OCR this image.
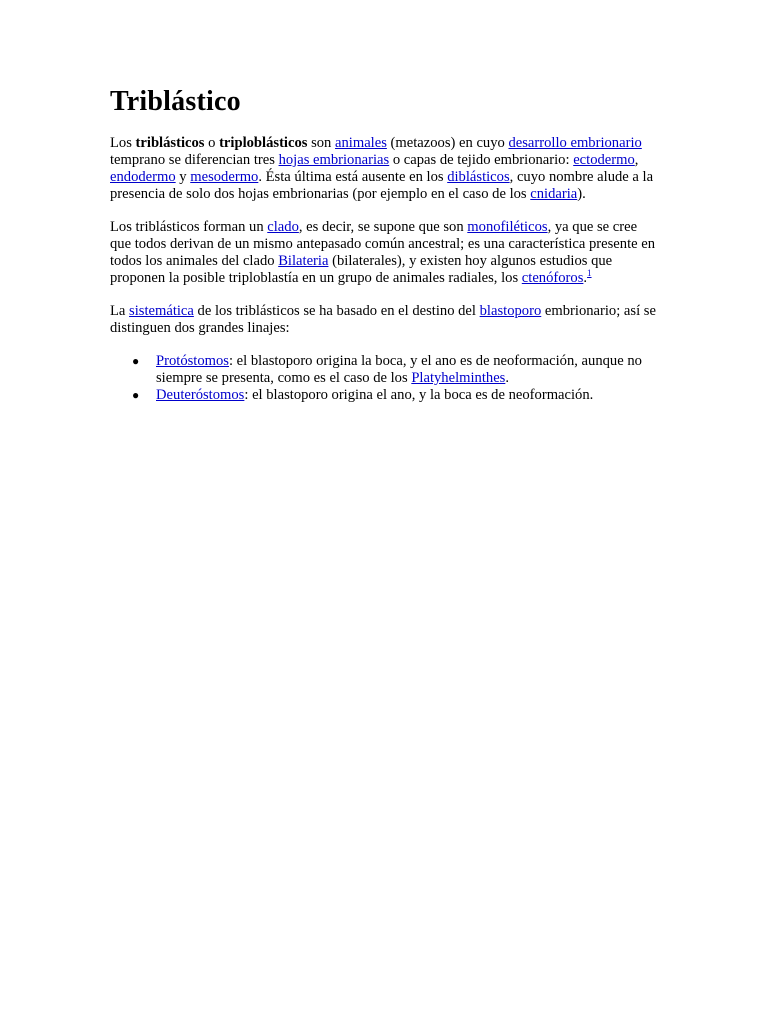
Triblástico

Los triblásticos o triploblásticos son animales (metazoos) en cuyo desarrollo embrionario temprano se diferencian tres hojas embrionarias o capas de tejido embrionario: ectodermo, endodermo y mesodermo. Ésta última está ausente en los diblásticos, cuyo nombre alude a la presencia de solo dos hojas embrionarias (por ejemplo en el caso de los cnidaria).

Los triblásticos forman un clado, es decir, se supone que son monofiléticos, ya que se cree que todos derivan de un mismo antepasado común ancestral; es una característica presente en todos los animales del clado Bilateria (bilaterales), y existen hoy algunos estudios que proponen la posible triploblastía en un grupo de animales radiales, los ctenóforos.$^1$

La sistemática de los triblásticos se ha basado en el destino del blastoporo embrionario; así se distinguen dos grandes linajes:

● Protóstomos: el blastoporo origina la boca, y el ano es de neoformación, aunque no siempre se presenta, como es el caso de los Platyhelminthes.
● Deuteróstomos: el blastoporo origina el ano, y la boca es de neoformación.
